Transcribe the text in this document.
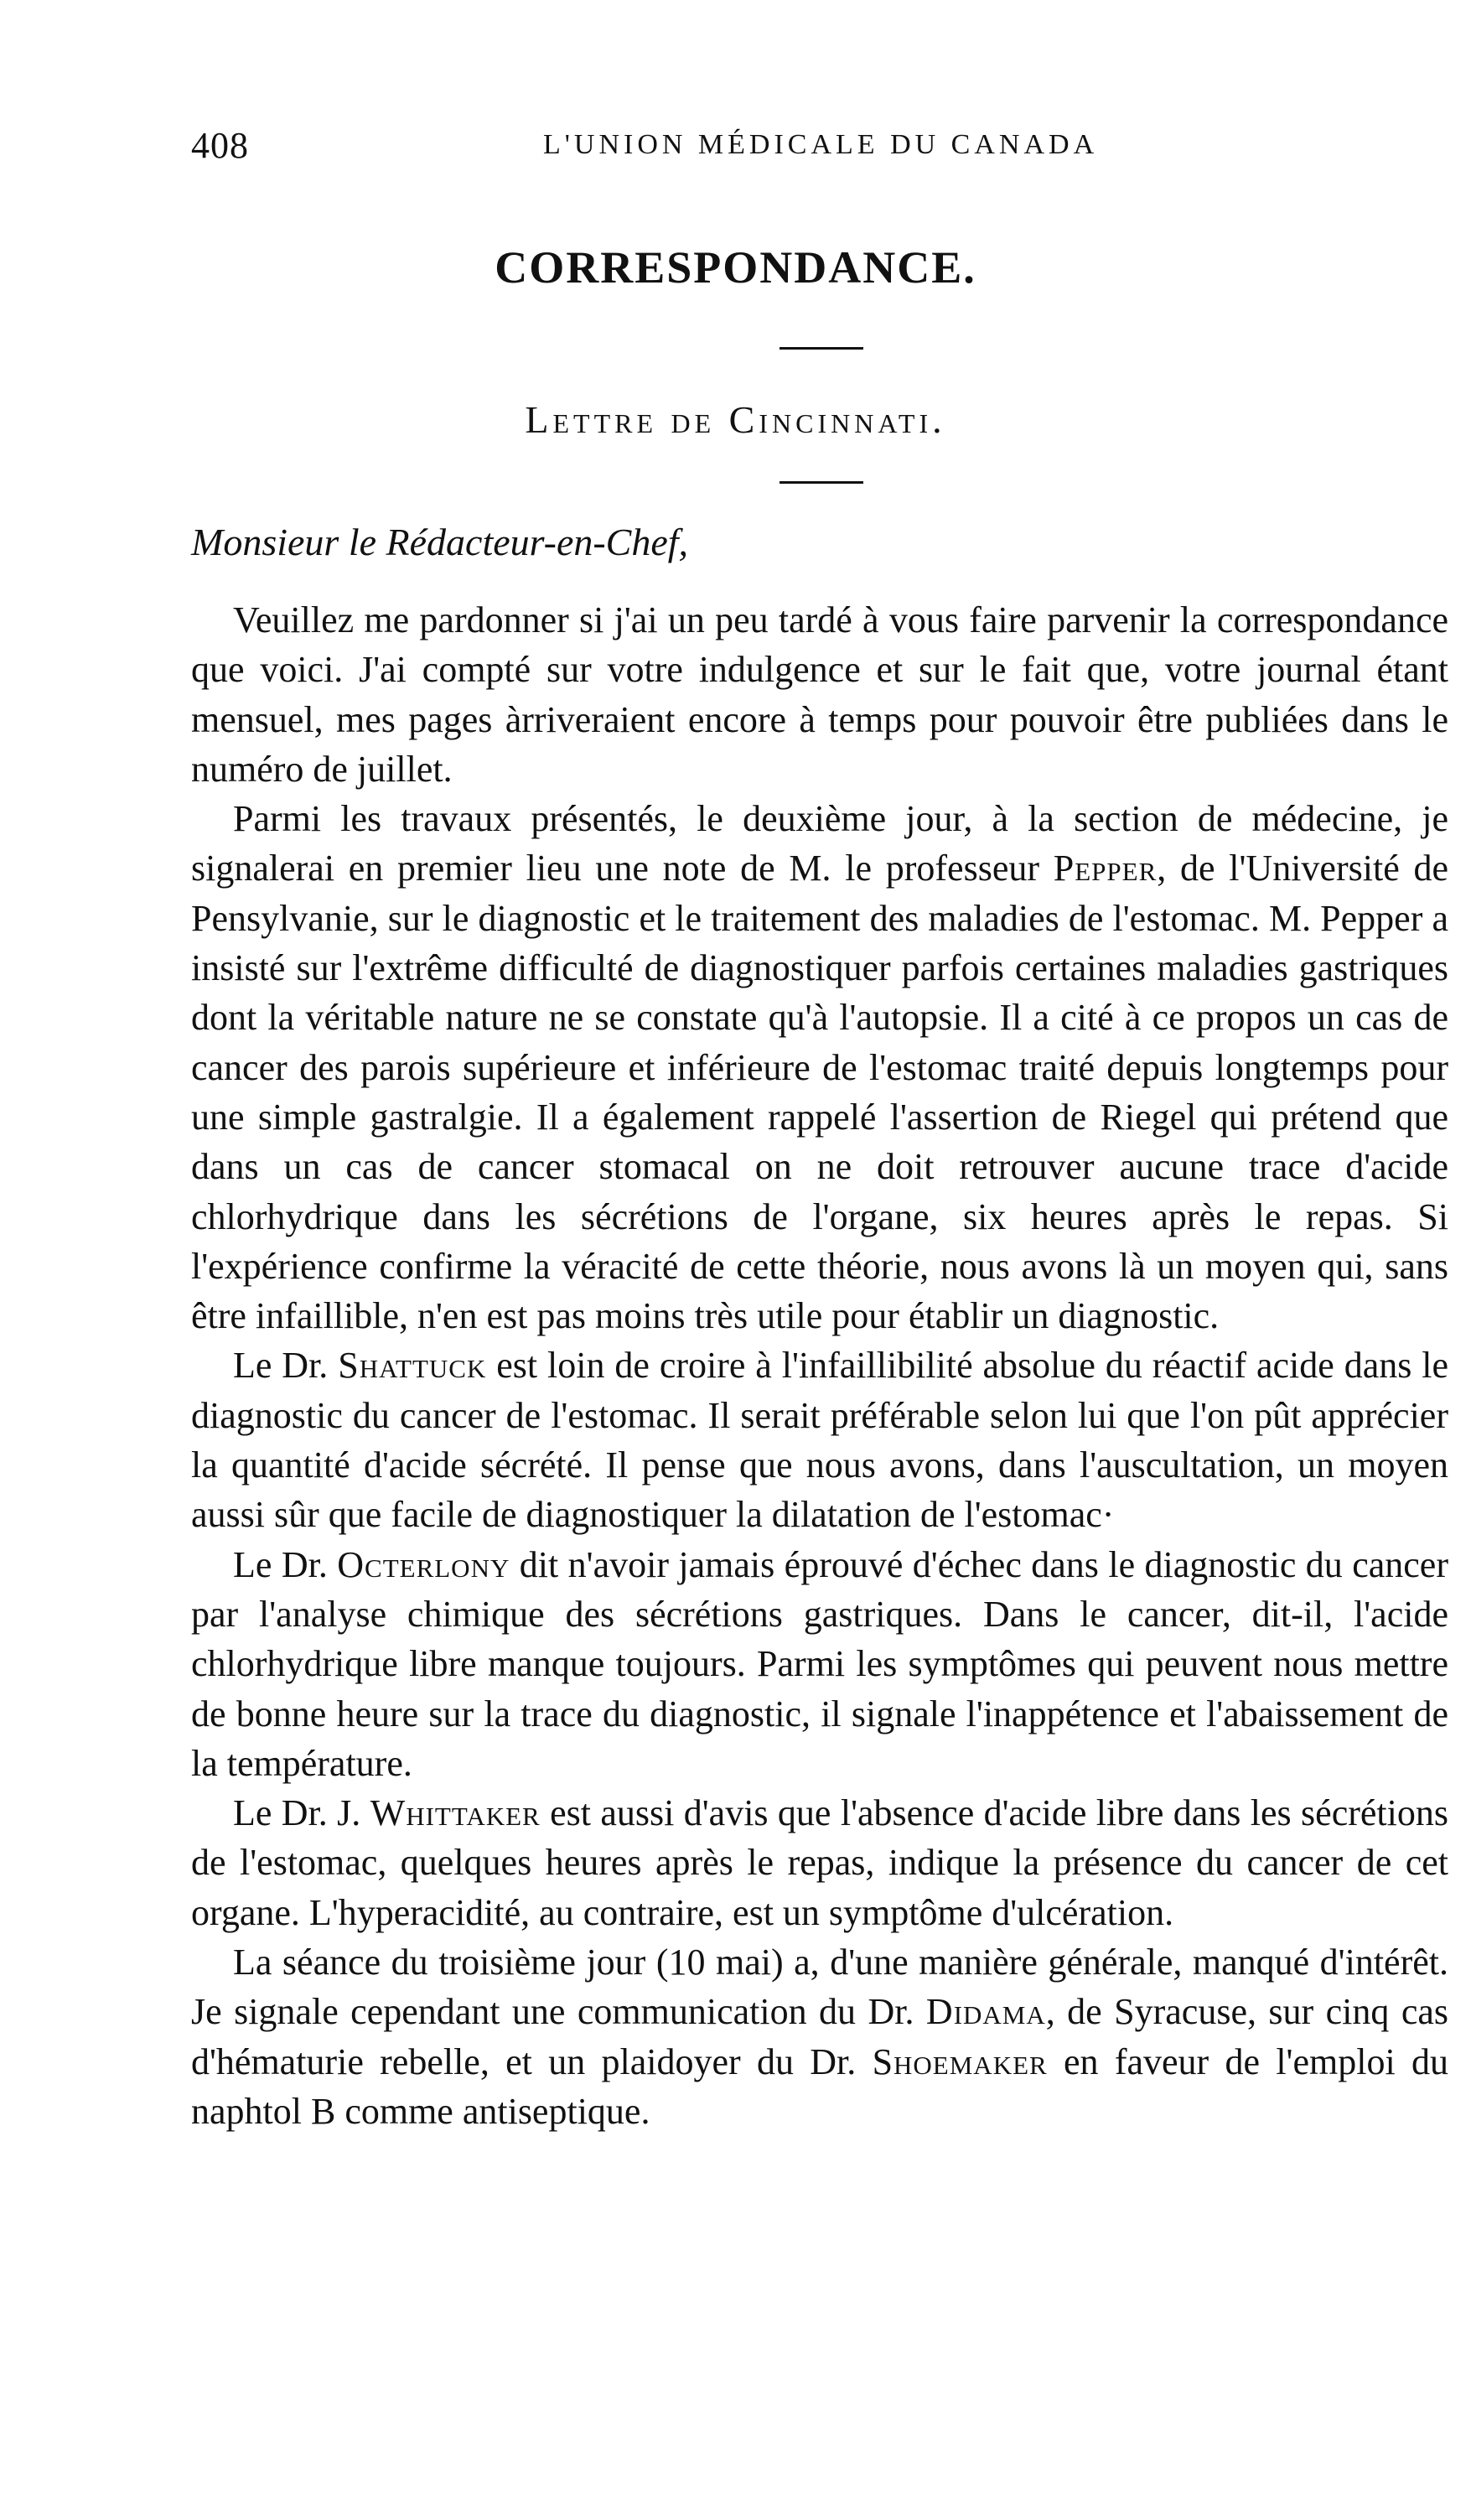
408	L'UNION MÉDICALE DU CANADA
CORRESPONDANCE.
Lettre de Cincinnati.
Monsieur le Rédacteur-en-Chef,

Veuillez me pardonner si j'ai un peu tardé à vous faire parvenir la correspondance que voici. J'ai compté sur votre indulgence et sur le fait que, votre journal étant mensuel, mes pages àrriveraient encore à temps pour pouvoir être publiées dans le numéro de juillet.

Parmi les travaux présentés, le deuxième jour, à la section de médecine, je signalerai en premier lieu une note de M. le professeur Pepper, de l'Université de Pensylvanie, sur le diagnostic et le traitement des maladies de l'estomac. M. Pepper a insisté sur l'extrême difficulté de diagnostiquer parfois certaines maladies gastriques dont la véritable nature ne se constate qu'à l'autopsie. Il a cité à ce propos un cas de cancer des parois supérieure et inférieure de l'estomac traité depuis longtemps pour une simple gastralgie. Il a également rappelé l'assertion de Riegel qui prétend que dans un cas de cancer stomacal on ne doit retrouver aucune trace d'acide chlorhydrique dans les sécrétions de l'organe, six heures après le repas. Si l'expérience confirme la véracité de cette théorie, nous avons là un moyen qui, sans être infaillible, n'en est pas moins très utile pour établir un diagnostic.

Le Dr. Shattuck est loin de croire à l'infaillibilité absolue du réactif acide dans le diagnostic du cancer de l'estomac. Il serait préférable selon lui que l'on pût apprécier la quantité d'acide sécrété. Il pense que nous avons, dans l'auscultation, un moyen aussi sûr que facile de diagnostiquer la dilatation de l'estomac·

Le Dr. Octerlony dit n'avoir jamais éprouvé d'échec dans le diagnostic du cancer par l'analyse chimique des sécrétions gastriques. Dans le cancer, dit-il, l'acide chlorhydrique libre manque toujours. Parmi les symptômes qui peuvent nous mettre de bonne heure sur la trace du diagnostic, il signale l'inappétence et l'abaissement de la température.

Le Dr. J. Whittaker est aussi d'avis que l'absence d'acide libre dans les sécrétions de l'estomac, quelques heures après le repas, indique la présence du cancer de cet organe. L'hyperacidité, au contraire, est un symptôme d'ulcération.

La séance du troisième jour (10 mai) a, d'une manière générale, manqué d'intérêt. Je signale cependant une communication du Dr. Didama, de Syracuse, sur cinq cas d'hématurie rebelle, et un plaidoyer du Dr. Shoemaker en faveur de l'emploi du naphtol B comme antiseptique.
